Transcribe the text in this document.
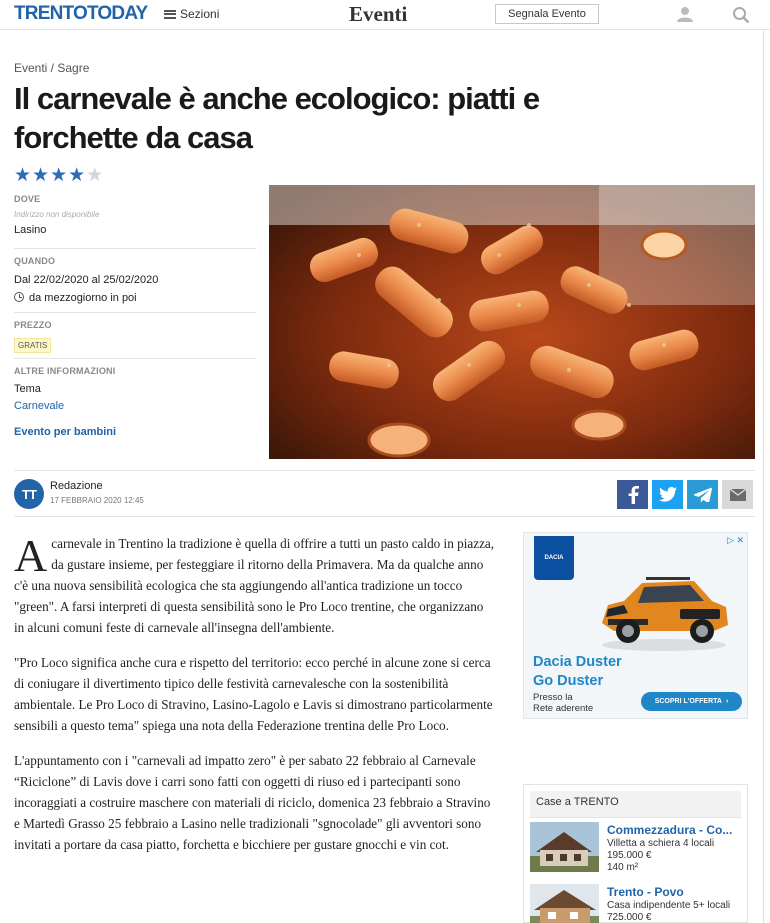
TRENTOTODAY	Sezioni	Eventi	Segnala Evento
Eventi / Sagre
Il carnevale è anche ecologico: piatti e forchette da casa
★ ★ ★ ★ ★
DOVE
Indirizzo non disponibile
Lasino
QUANDO
Dal 22/02/2020 al 25/02/2020
da mezzogiorno in poi
PREZZO
GRATIS
ALTRE INFORMAZIONI
Tema
Carnevale
Evento per bambini
TT
Redazione
17 FEBBRAIO 2020 12:45

Acarnevale in Trentino la tradizione è quella di offrire a tutti un pasto caldo in piazza, da gustare insieme, per festeggiare il ritorno della Primavera. Ma da qualche anno c'è una nuova sensibilità ecologica che sta aggiungendo all'antica tradizione un tocco "green". A farsi interpreti di questa sensibilità sono le Pro Loco trentine, che organizzano in alcuni comuni feste di carnevale all'insegna dell'ambiente.

"Pro Loco significa anche cura e rispetto del territorio: ecco perché in alcune zone si cerca di coniugare il divertimento tipico delle festività carnevalesche con la sostenibilità ambientale. Le Pro Loco di Stravino, Lasino-Lagolo e Lavis si dimostrano particolarmente sensibili a questo tema" spiega una nota della Federazione trentina delle Pro Loco.

L'appuntamento con i "carnevali ad impatto zero" è per sabato 22 febbraio al Carnevale “Riciclone” di Lavis dove i carri sono fatti con oggetti di riuso ed i partecipanti sono incoraggiati a costruire maschere con materiali di riciclo, domenica 23 febbraio a Stravino e Martedì Grasso 25 febbraio a Lasino nelle tradizionali "sgnocolade" gli avventori sono invitati a portare da casa piatto, forchetta e bicchiere per gustare gnocchi e vin cot.

▷ ✕
DACIA
Dacia Duster
Go Duster
Presso la
Rete aderente
SCOPRI L'OFFERTA ›
Case a TRENTO
Commezzadura - Co...
Villetta a schiera 4 locali
195.000 €
140 m²
Trento - Povo
Casa indipendente 5+ locali
725.000 €
